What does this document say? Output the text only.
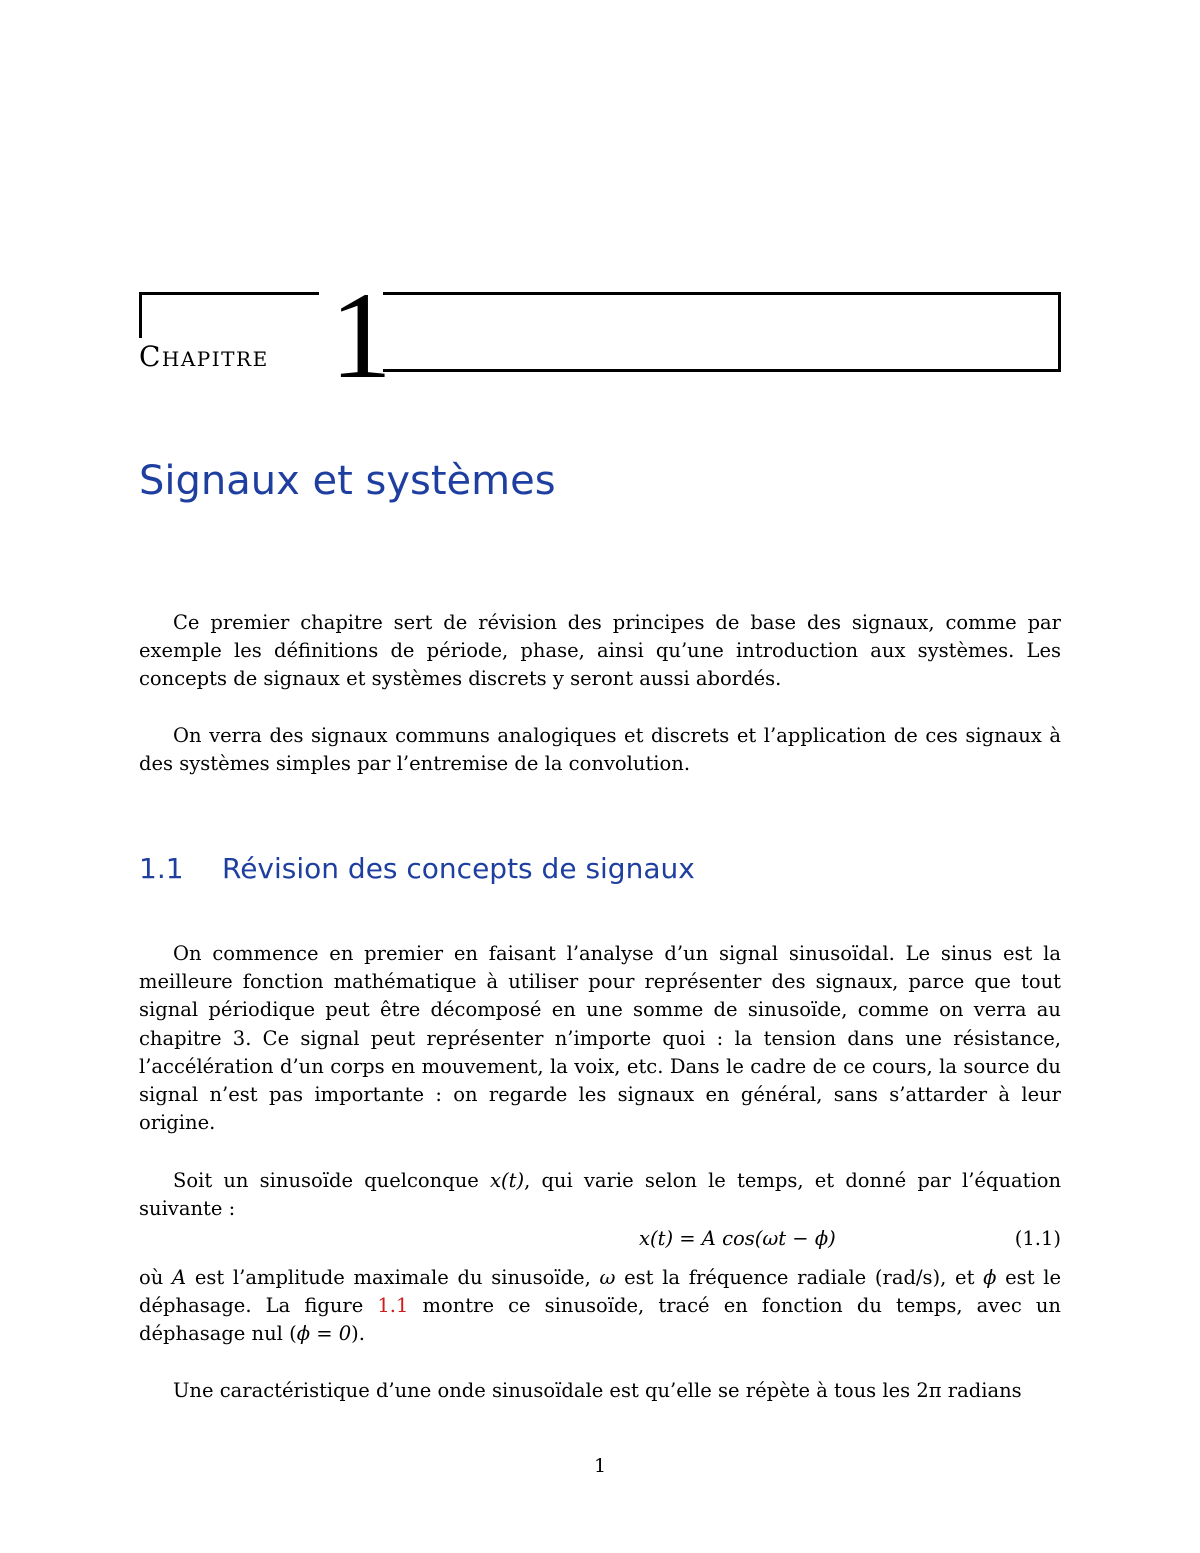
Chapitre 1
Signaux et systèmes

Ce premier chapitre sert de révision des principes de base des signaux, comme par exemple les définitions de période, phase, ainsi qu’une introduction aux systèmes. Les concepts de signaux et systèmes discrets y seront aussi abordés.

On verra des signaux communs analogiques et discrets et l’application de ces signaux à des systèmes simples par l’entremise de la convolution.

1.1 Révision des concepts de signaux

On commence en premier en faisant l’analyse d’un signal sinusoïdal. Le sinus est la meilleure fonction mathématique à utiliser pour représenter des signaux, parce que tout signal périodique peut être décomposé en une somme de sinusoïde, comme on verra au chapitre 3. Ce signal peut représenter n’importe quoi : la tension dans une résistance, l’accélération d’un corps en mouvement, la voix, etc. Dans le cadre de ce cours, la source du signal n’est pas importante : on regarde les signaux en général, sans s’attarder à leur origine.

Soit un sinusoïde quelconque x(t), qui varie selon le temps, et donné par l’équation suivante :

x(t) = A cos(ωt − ϕ)	(1.1)

où A est l’amplitude maximale du sinusoïde, ω est la fréquence radiale (rad/s), et ϕ est le déphasage. La figure 1.1 montre ce sinusoïde, tracé en fonction du temps, avec un déphasage nul (ϕ = 0).

Une caractéristique d’une onde sinusoïdale est qu’elle se répète à tous les 2π radians

1
